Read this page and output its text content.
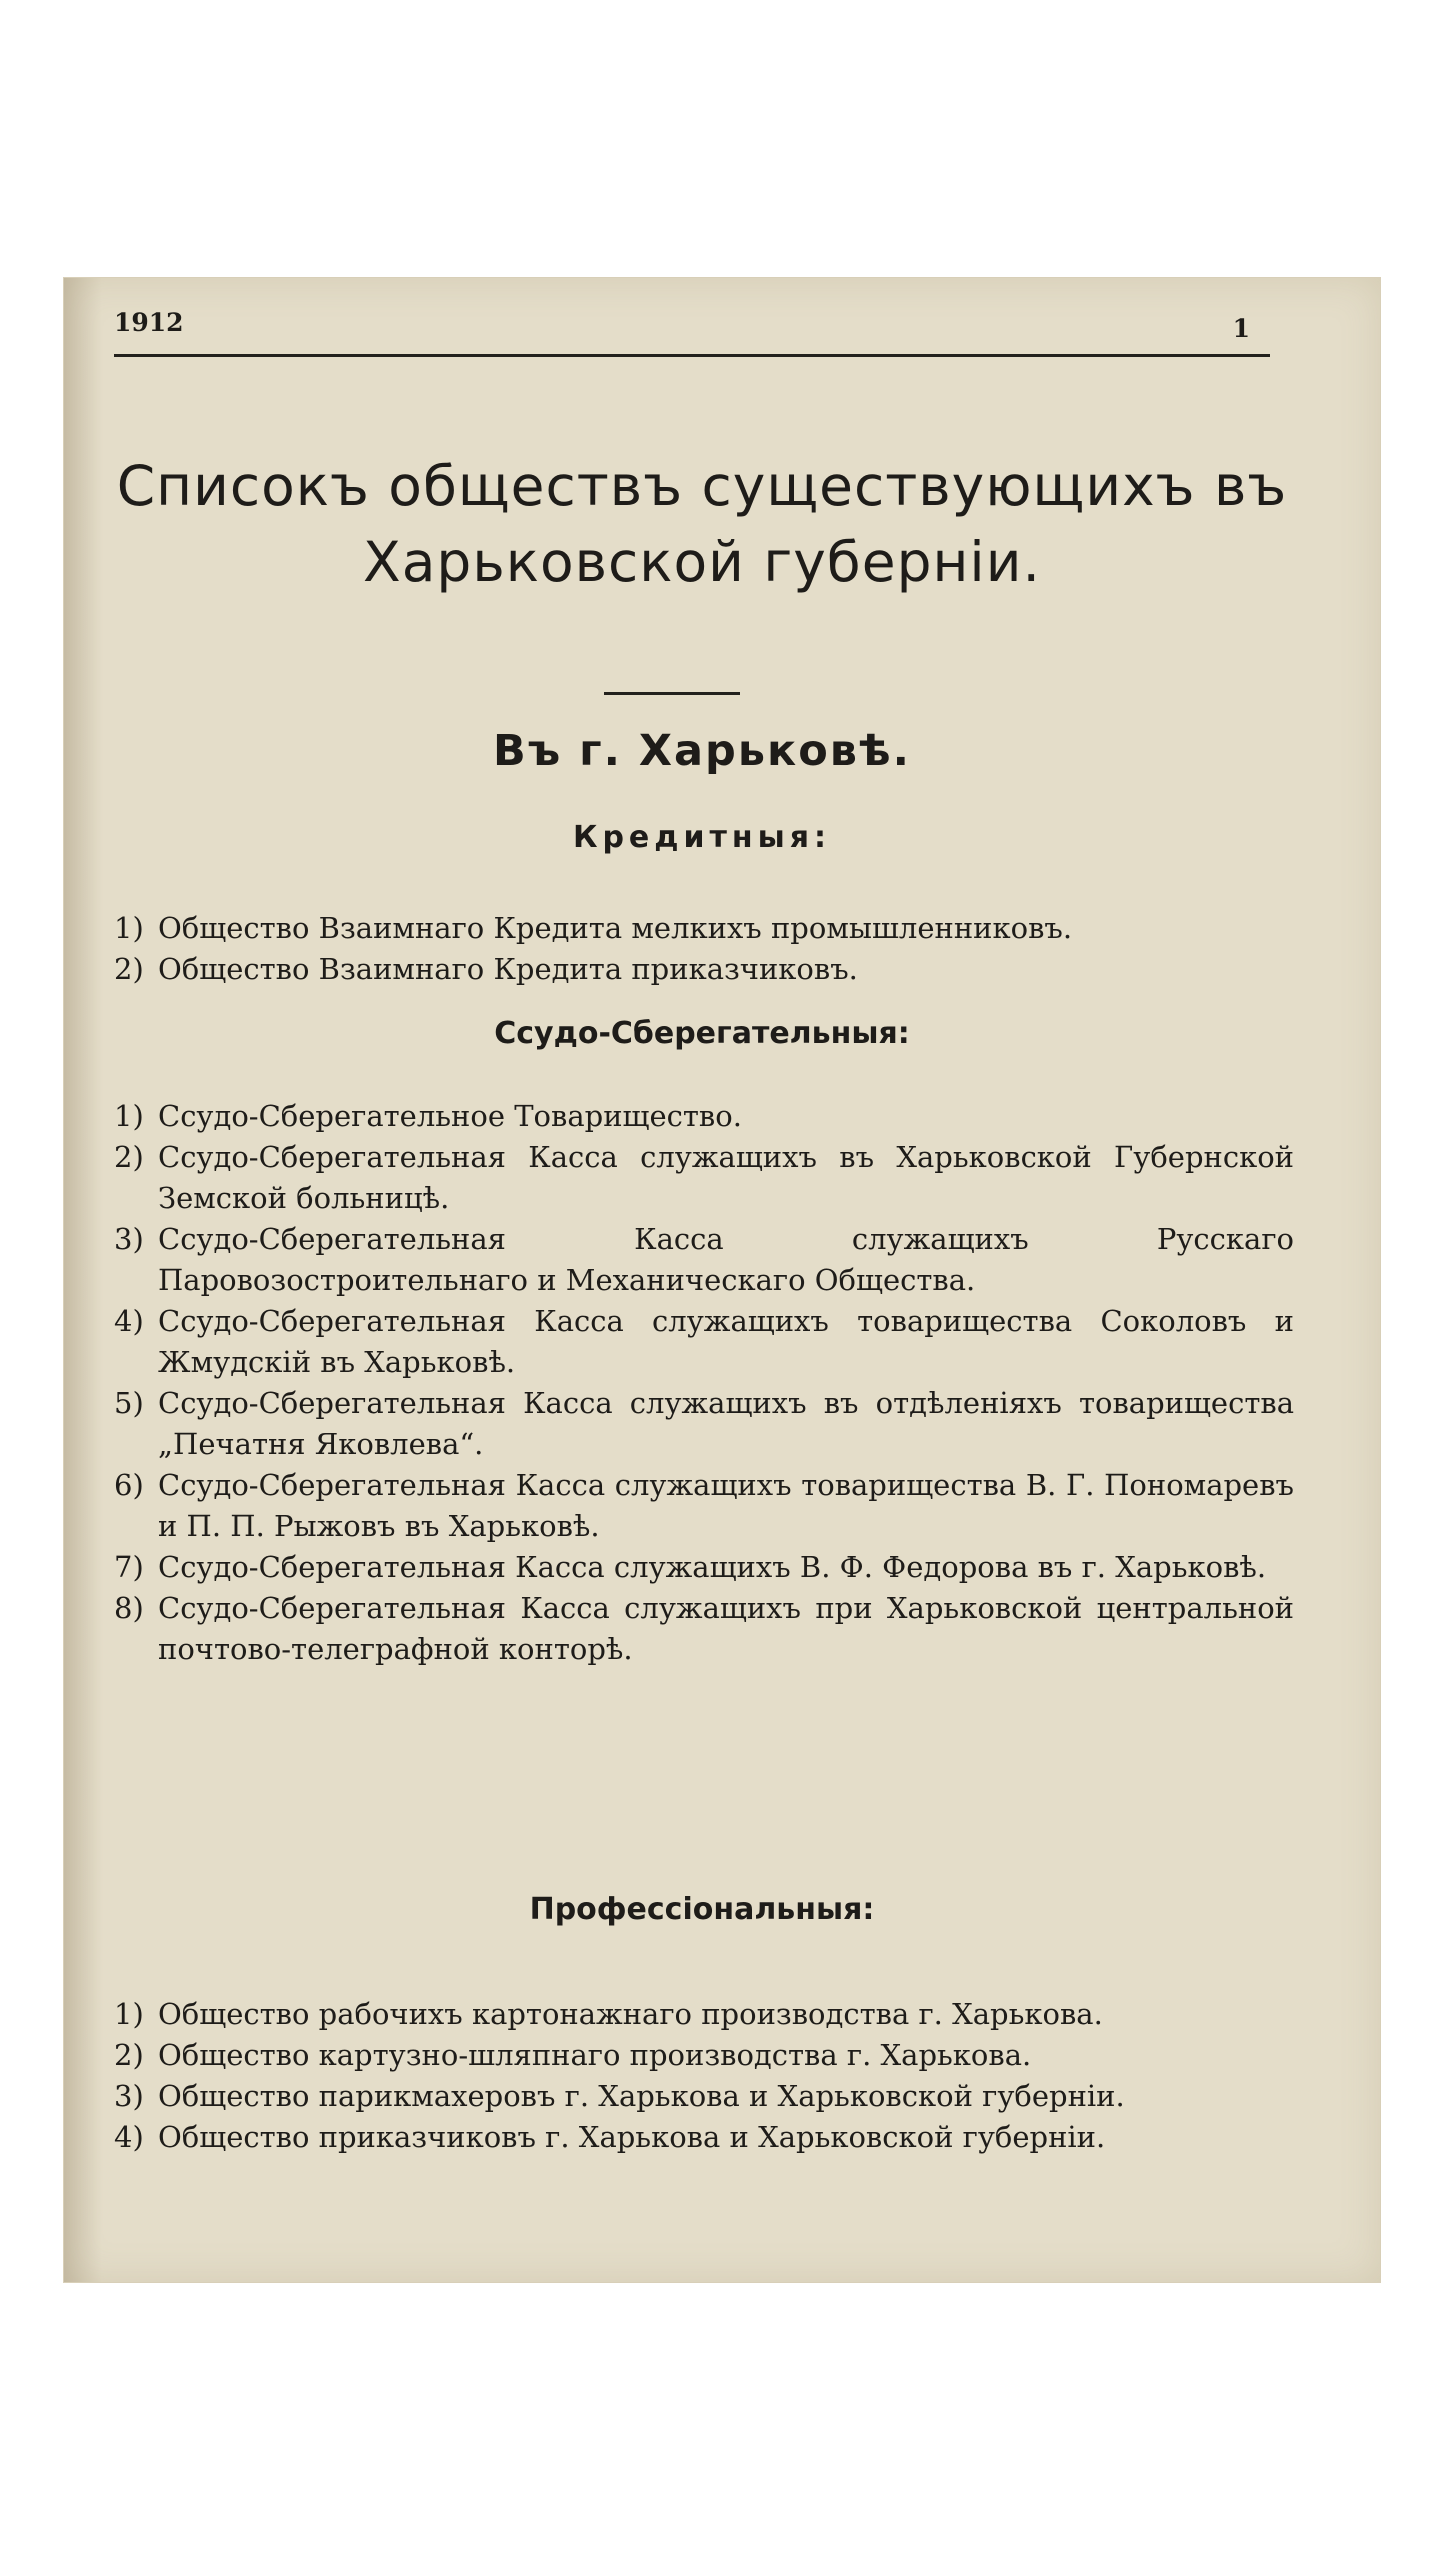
1912	1
Списокъ обществъ существующихъ въ
Харьковской губерніи.
Въ г. Харьковѣ.
Кредитныя:
1) Общество Взаимнаго Кредита мелкихъ промышленниковъ.
2) Общество Взаимнаго Кредита приказчиковъ.
Ссудо-Сберегательныя:
1) Ссудо-Сберегательное Товарищество.
2) Ссудо-Сберегательная Касса служащихъ въ Харьковской Губернской Земской больницѣ.
3) Ссудо-Сберегательная Касса служащихъ Русскаго Паровозостроительнаго и Механическаго Общества.
4) Ссудо-Сберегательная Касса служащихъ товарищества Соколовъ и Жмудскій въ Харьковѣ.
5) Ссудо-Сберегательная Касса служащихъ въ отдѣленіяхъ товарищества „Печатня Яковлева“.
6) Ссудо-Сберегательная Касса служащихъ товарищества В. Г. Пономаревъ и П. П. Рыжовъ въ Харьковѣ.
7) Ссудо-Сберегательная Касса служащихъ В. Ф. Федорова въ г. Харьковѣ.
8) Ссудо-Сберегательная Касса служащихъ при Харьковской центральной почтово-телеграфной конторѣ.
Профессіональныя:
1) Общество рабочихъ картонажнаго производства г. Харькова.
2) Общество картузно-шляпнаго производства г. Харькова.
3) Общество парикмахеровъ г. Харькова и Харьковской губерніи.
4) Общество приказчиковъ г. Харькова и Харьковской губерніи.
